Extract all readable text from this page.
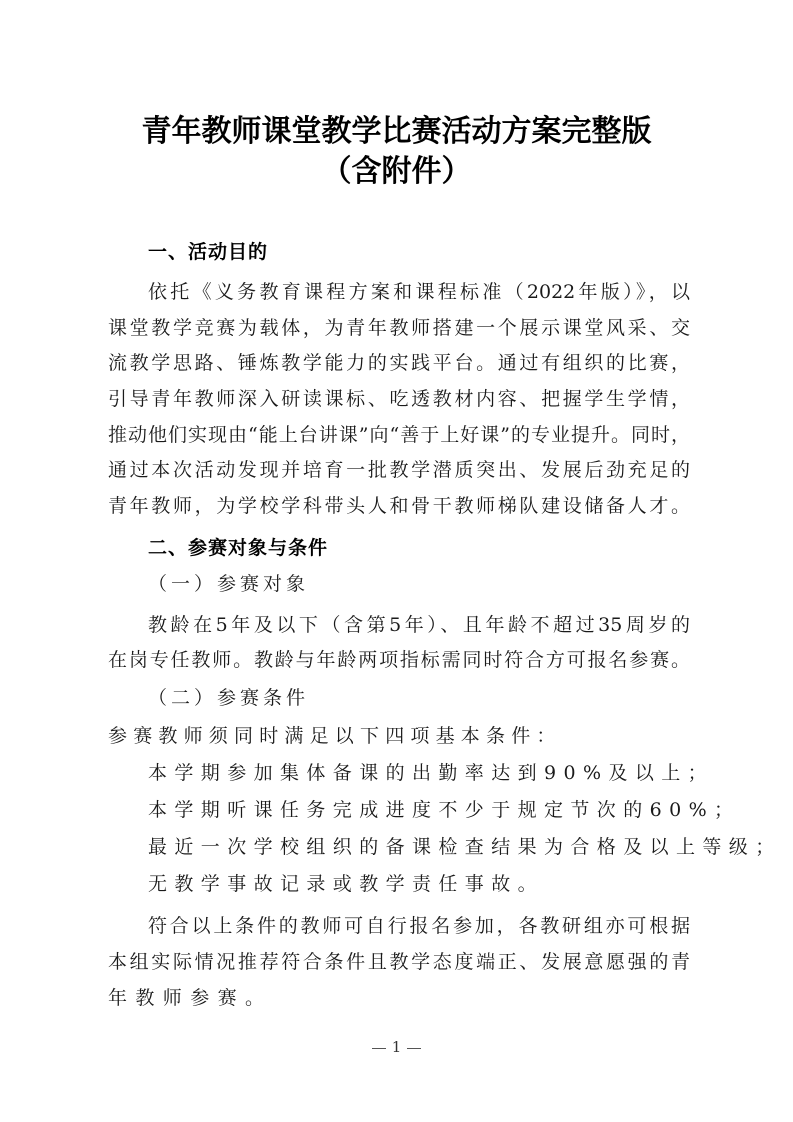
青年教师课堂教学比赛活动方案完整版
（含附件）
一、活动目的
依托《义务教育课程方案和课程标准（2022年版）》，以
课堂教学竞赛为载体，为青年教师搭建一个展示课堂风采、交
流教学思路、锤炼教学能力的实践平台。通过有组织的比赛，
引导青年教师深入研读课标、吃透教材内容、把握学生学情，
推动他们实现由“能上台讲课”向“善于上好课”的专业提升。同时，
通过本次活动发现并培育一批教学潜质突出、发展后劲充足的
青年教师，为学校学科带头人和骨干教师梯队建设储备人才。
二、参赛对象与条件
（一）参赛对象
教龄在5年及以下（含第5年）、且年龄不超过35周岁的
在岗专任教师。教龄与年龄两项指标需同时符合方可报名参赛。
（二）参赛条件
参赛教师须同时满足以下四项基本条件：
本学期参加集体备课的出勤率达到90%及以上；
本学期听课任务完成进度不少于规定节次的60%；
最近一次学校组织的备课检查结果为合格及以上等级；
无教学事故记录或教学责任事故。
符合以上条件的教师可自行报名参加，各教研组亦可根据
本组实际情况推荐符合条件且教学态度端正、发展意愿强的青
年教师参赛。
1
